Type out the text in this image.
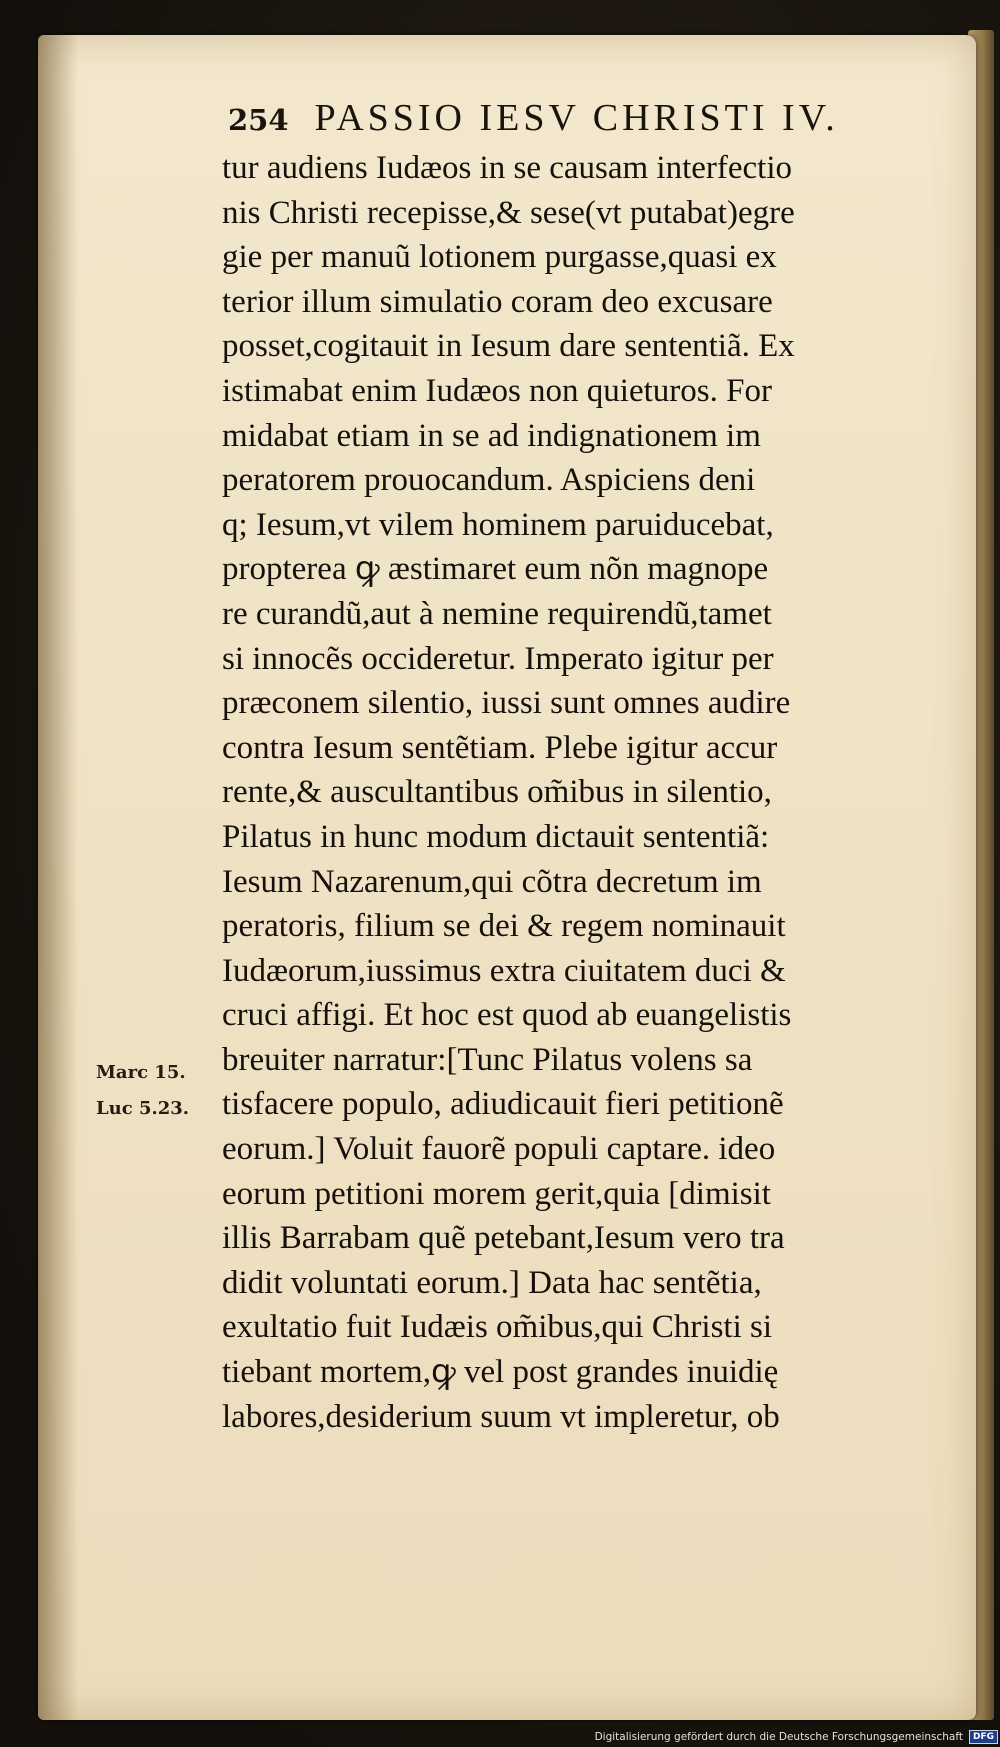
254 PASSIO IESV CHRISTI IV.
tur audiens Iudæos in se causam interfectio
nis Christi recepisse,& sese(vt putabat)egre
gie per manuũ lotionem purgasse,quasi ex
terior illum simulatio coram deo excusare
posset,cogitauit in Iesum dare sententiã. Ex
istimabat enim Iudæos non quieturos. For
midabat etiam in se ad indignationem im
peratorem prouocandum. Aspiciens deni
q; Iesum,vt vilem hominem paruiducebat,
propterea ꝙ æstimaret eum nõn magnope
re curandũ,aut à nemine requirendũ,tamet
si innocẽs occideretur. Imperato igitur per
præconem silentio, iussi sunt omnes audire
contra Iesum sentẽtiam. Plebe igitur accur
rente,& auscultantibus om̃ibus in silentio,
Pilatus in hunc modum dictauit sententiã:
Iesum Nazarenum,qui cõtra decretum im
peratoris, filium se dei & regem nominauit
Iudæorum,iussimus extra ciuitatem duci &
cruci affigi. Et hoc est quod ab euangelistis
breuiter narratur:[Tunc Pilatus volens sa
tisfacere populo, adiudicauit fieri petitionẽ
eorum.] Voluit fauorẽ populi captare. ideo
eorum petitioni morem gerit,quia [dimisit
illis Barrabam quẽ petebant,Iesum vero tra
didit voluntati eorum.] Data hac sentẽtia,
exultatio fuit Iudæis om̃ibus,qui Christi si
tiebant mortem,ꝙ vel post grandes inuidię
labores,desiderium suum vt impleretur, ob
Marc 15.
Luc 5.23.
Digitalisierung gefördert durch die Deutsche Forschungsgemeinschaft	DFG
